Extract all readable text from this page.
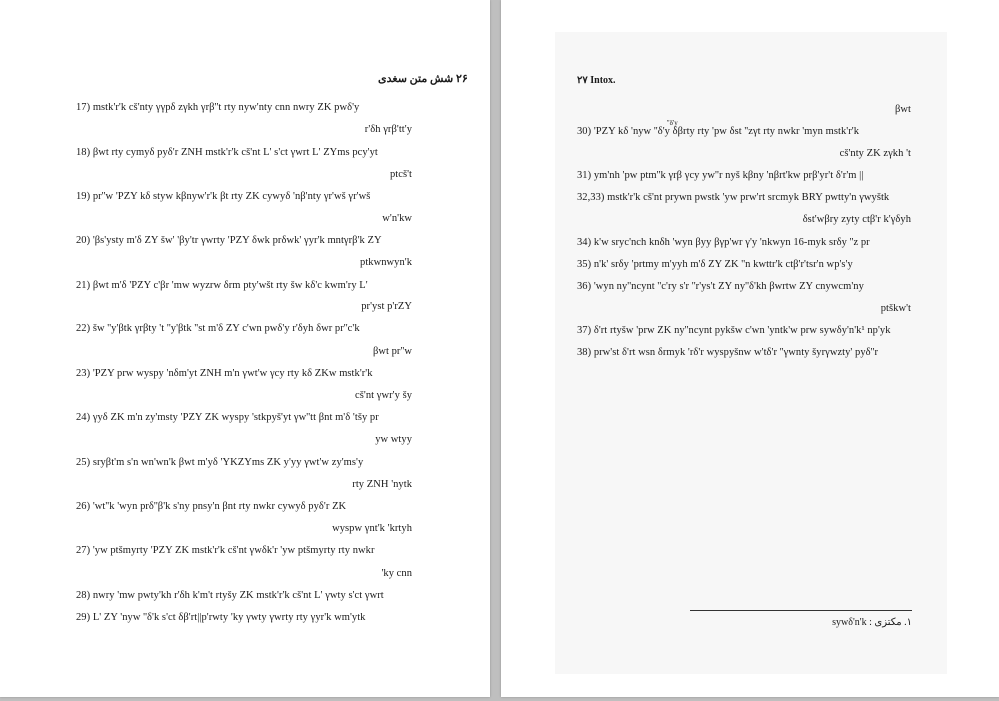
۲۶ شش متن سغدی
17) mstk'r'k cš'nty γγpδ zγkh γrβ''t rty nyw'nty cnn nwry ZK pwδ'y
r'δh γrβ'tt'y
18) βwt rty cymyδ pyδ'r ZNH mstk'r'k cš'nt L' s'ct γwrt L' ZYms pcy'yt
ptcš't
19) pr''w 'PZY kδ styw kβnyw'r'k βt rty ZK cywyδ 'nβ'nty γr'wš γr'wš
w'n'kw
20) 'βs'ysty m'δ ZY šw' 'βy'tr γwrty 'PZY δwk prδwk' γyr'k mntγrβ'k ZY
ptkwnwyn'k
21) βwt m'δ 'PZY c'βr 'mw wyzrw δrm pty'wšt rty šw kδ'c kwm'ry L'
pr'yst p'rZY
22) šw ''y'βtk γrβty 't ''y'βtk ''st m'δ ZY c'wn pwδ'y r'δyh δwr pr''c'k
βwt pr''w
23) 'PZY prw wyspy 'nδm'yt ZNH m'n γwt'w γcy rty kδ ZKw mstk'r'k
cš'nt γwr'y šy
24) γyδ ZK m'n zy'msty 'PZY ZK wyspy 'stkpyš'yt γw''tt βnt m'δ 'tšy pr
yw wtyy
25) sryβt'm s'n wn'wn'k βwt m'yδ 'YKZYms ZK y'yy γwt'w zy'ms'y
rty ZNH 'nytk
26) 'wt''k 'wyn prδ''β'k s'ny pnsy'n βnt rty nwkr cywyδ pyδ'r ZK
wyspw γnt'k 'krtyh
27) 'yw ptšmyrty 'PZY ZK mstk'r'k cš'nt γwδk'r 'yw ptšmyrty rty nwkr
'ky cnn
28) nwry 'mw pwty'kh r'δh k'm't rtyšy ZK mstk'r'k cš'nt L' γwty s'ct γwrt
29) L' ZY 'nyw ''δ'k s'ct δβ'rt||p'rwty 'ky γwty γwrty rty γyr'k wm'ytk
۲۷ Intox.
βwt
30) 'PZY kδ 'nyw ''δ'y δβrty rty 'pw δst ''zγt rty nwkr 'myn mstk'r'k
''δ'y
cš'nty ZK zγkh 't
31) ym'nh 'pw ptm''k γrβ γcy yw''r nyš kβny 'nβrt'kw prβ'yr't δ'r'm ||
32,33) mstk'r'k cš'nt prywn pwstk 'yw prw'rt srcmyk BRY pwtty'n γwyštk
δst'wβry zyty ctβ'r k'γδyh
34) k'w sryc'nch knδh 'wyn βyy βγp'wr γ'y 'nkwyn 16-myk srδy ''z pr
35) n'k' srδy 'prtmy m'yyh m'δ ZY ZK ''n kwttr'k ctβ'r'tsr'n wp's'y
36) 'wyn ny''ncynt ''c'ry s'r ''r'ys't ZY ny''δ'kh βwrtw ZY cnywcm'ny
ptškw't
37) δ'rt rtyšw 'prw ZK ny''ncynt pykšw c'wn 'yntk'w prw sywδy'n'k¹ np'yk
38) prw'st δ'rt wsn δrmyk 'rδ'r wyspyšnw w'tδ'r ''γwnty šyrγwzty' pyδ''r
۱. مکتزی : sywδ'n'k
